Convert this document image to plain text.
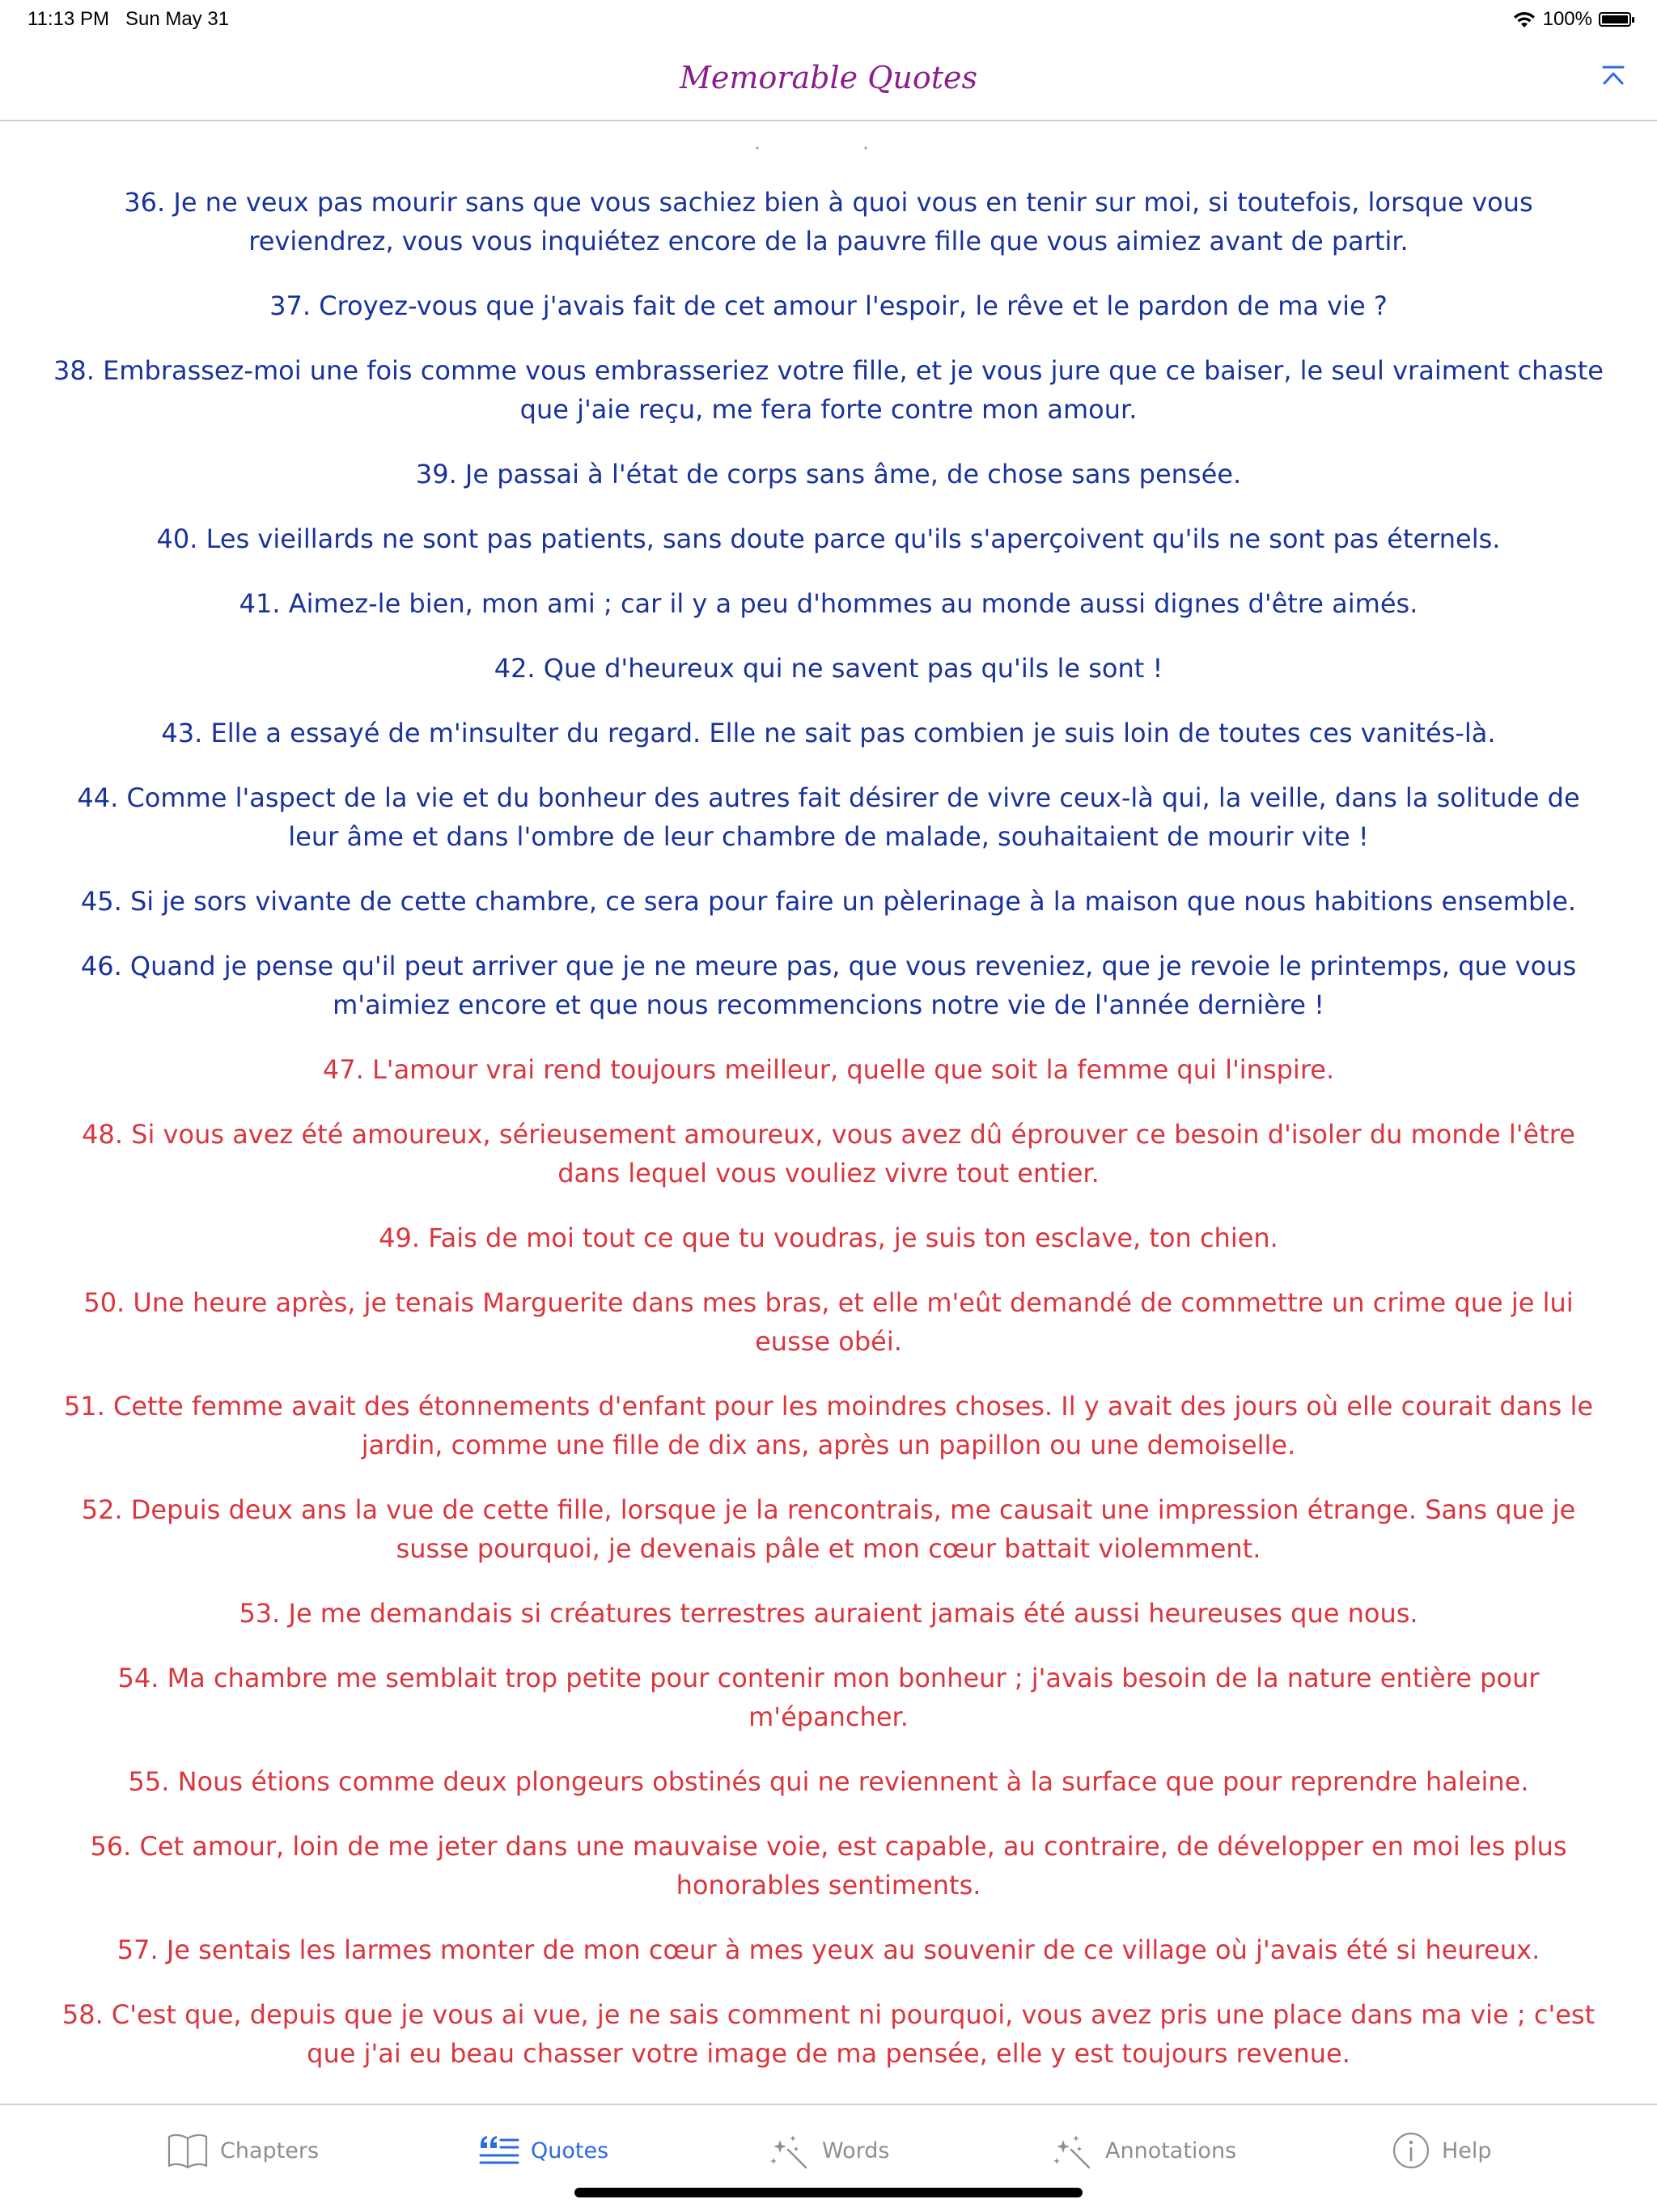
11:13 PM Sun May 31	100%
Memorable Quotes

36. Je ne veux pas mourir sans que vous sachiez bien à quoi vous en tenir sur moi, si toutefois, lorsque vous reviendrez, vous vous inquiétez encore de la pauvre fille que vous aimiez avant de partir.

37. Croyez-vous que j'avais fait de cet amour l'espoir, le rêve et le pardon de ma vie ?

38. Embrassez-moi une fois comme vous embrasseriez votre fille, et je vous jure que ce baiser, le seul vraiment chaste que j'aie reçu, me fera forte contre mon amour.

39. Je passai à l'état de corps sans âme, de chose sans pensée.

40. Les vieillards ne sont pas patients, sans doute parce qu'ils s'aperçoivent qu'ils ne sont pas éternels.

41. Aimez-le bien, mon ami ; car il y a peu d'hommes au monde aussi dignes d'être aimés.

42. Que d'heureux qui ne savent pas qu'ils le sont !

43. Elle a essayé de m'insulter du regard. Elle ne sait pas combien je suis loin de toutes ces vanités-là.

44. Comme l'aspect de la vie et du bonheur des autres fait désirer de vivre ceux-là qui, la veille, dans la solitude de leur âme et dans l'ombre de leur chambre de malade, souhaitaient de mourir vite !

45. Si je sors vivante de cette chambre, ce sera pour faire un pèlerinage à la maison que nous habitions ensemble.

46. Quand je pense qu'il peut arriver que je ne meure pas, que vous reveniez, que je revoie le printemps, que vous m'aimiez encore et que nous recommencions notre vie de l'année dernière !

47. L'amour vrai rend toujours meilleur, quelle que soit la femme qui l'inspire.

48. Si vous avez été amoureux, sérieusement amoureux, vous avez dû éprouver ce besoin d'isoler du monde l'être dans lequel vous vouliez vivre tout entier.

49. Fais de moi tout ce que tu voudras, je suis ton esclave, ton chien.

50. Une heure après, je tenais Marguerite dans mes bras, et elle m'eût demandé de commettre un crime que je lui eusse obéi.

51. Cette femme avait des étonnements d'enfant pour les moindres choses. Il y avait des jours où elle courait dans le jardin, comme une fille de dix ans, après un papillon ou une demoiselle.

52. Depuis deux ans la vue de cette fille, lorsque je la rencontrais, me causait une impression étrange. Sans que je susse pourquoi, je devenais pâle et mon cœur battait violemment.

53. Je me demandais si créatures terrestres auraient jamais été aussi heureuses que nous.

54. Ma chambre me semblait trop petite pour contenir mon bonheur ; j'avais besoin de la nature entière pour m'épancher.

55. Nous étions comme deux plongeurs obstinés qui ne reviennent à la surface que pour reprendre haleine.

56. Cet amour, loin de me jeter dans une mauvaise voie, est capable, au contraire, de développer en moi les plus honorables sentiments.

57. Je sentais les larmes monter de mon cœur à mes yeux au souvenir de ce village où j'avais été si heureux.

58. C'est que, depuis que je vous ai vue, je ne sais comment ni pourquoi, vous avez pris une place dans ma vie ; c'est que j'ai eu beau chasser votre image de ma pensée, elle y est toujours revenue.

Chapters	Quotes	Words	Annotations	Help
